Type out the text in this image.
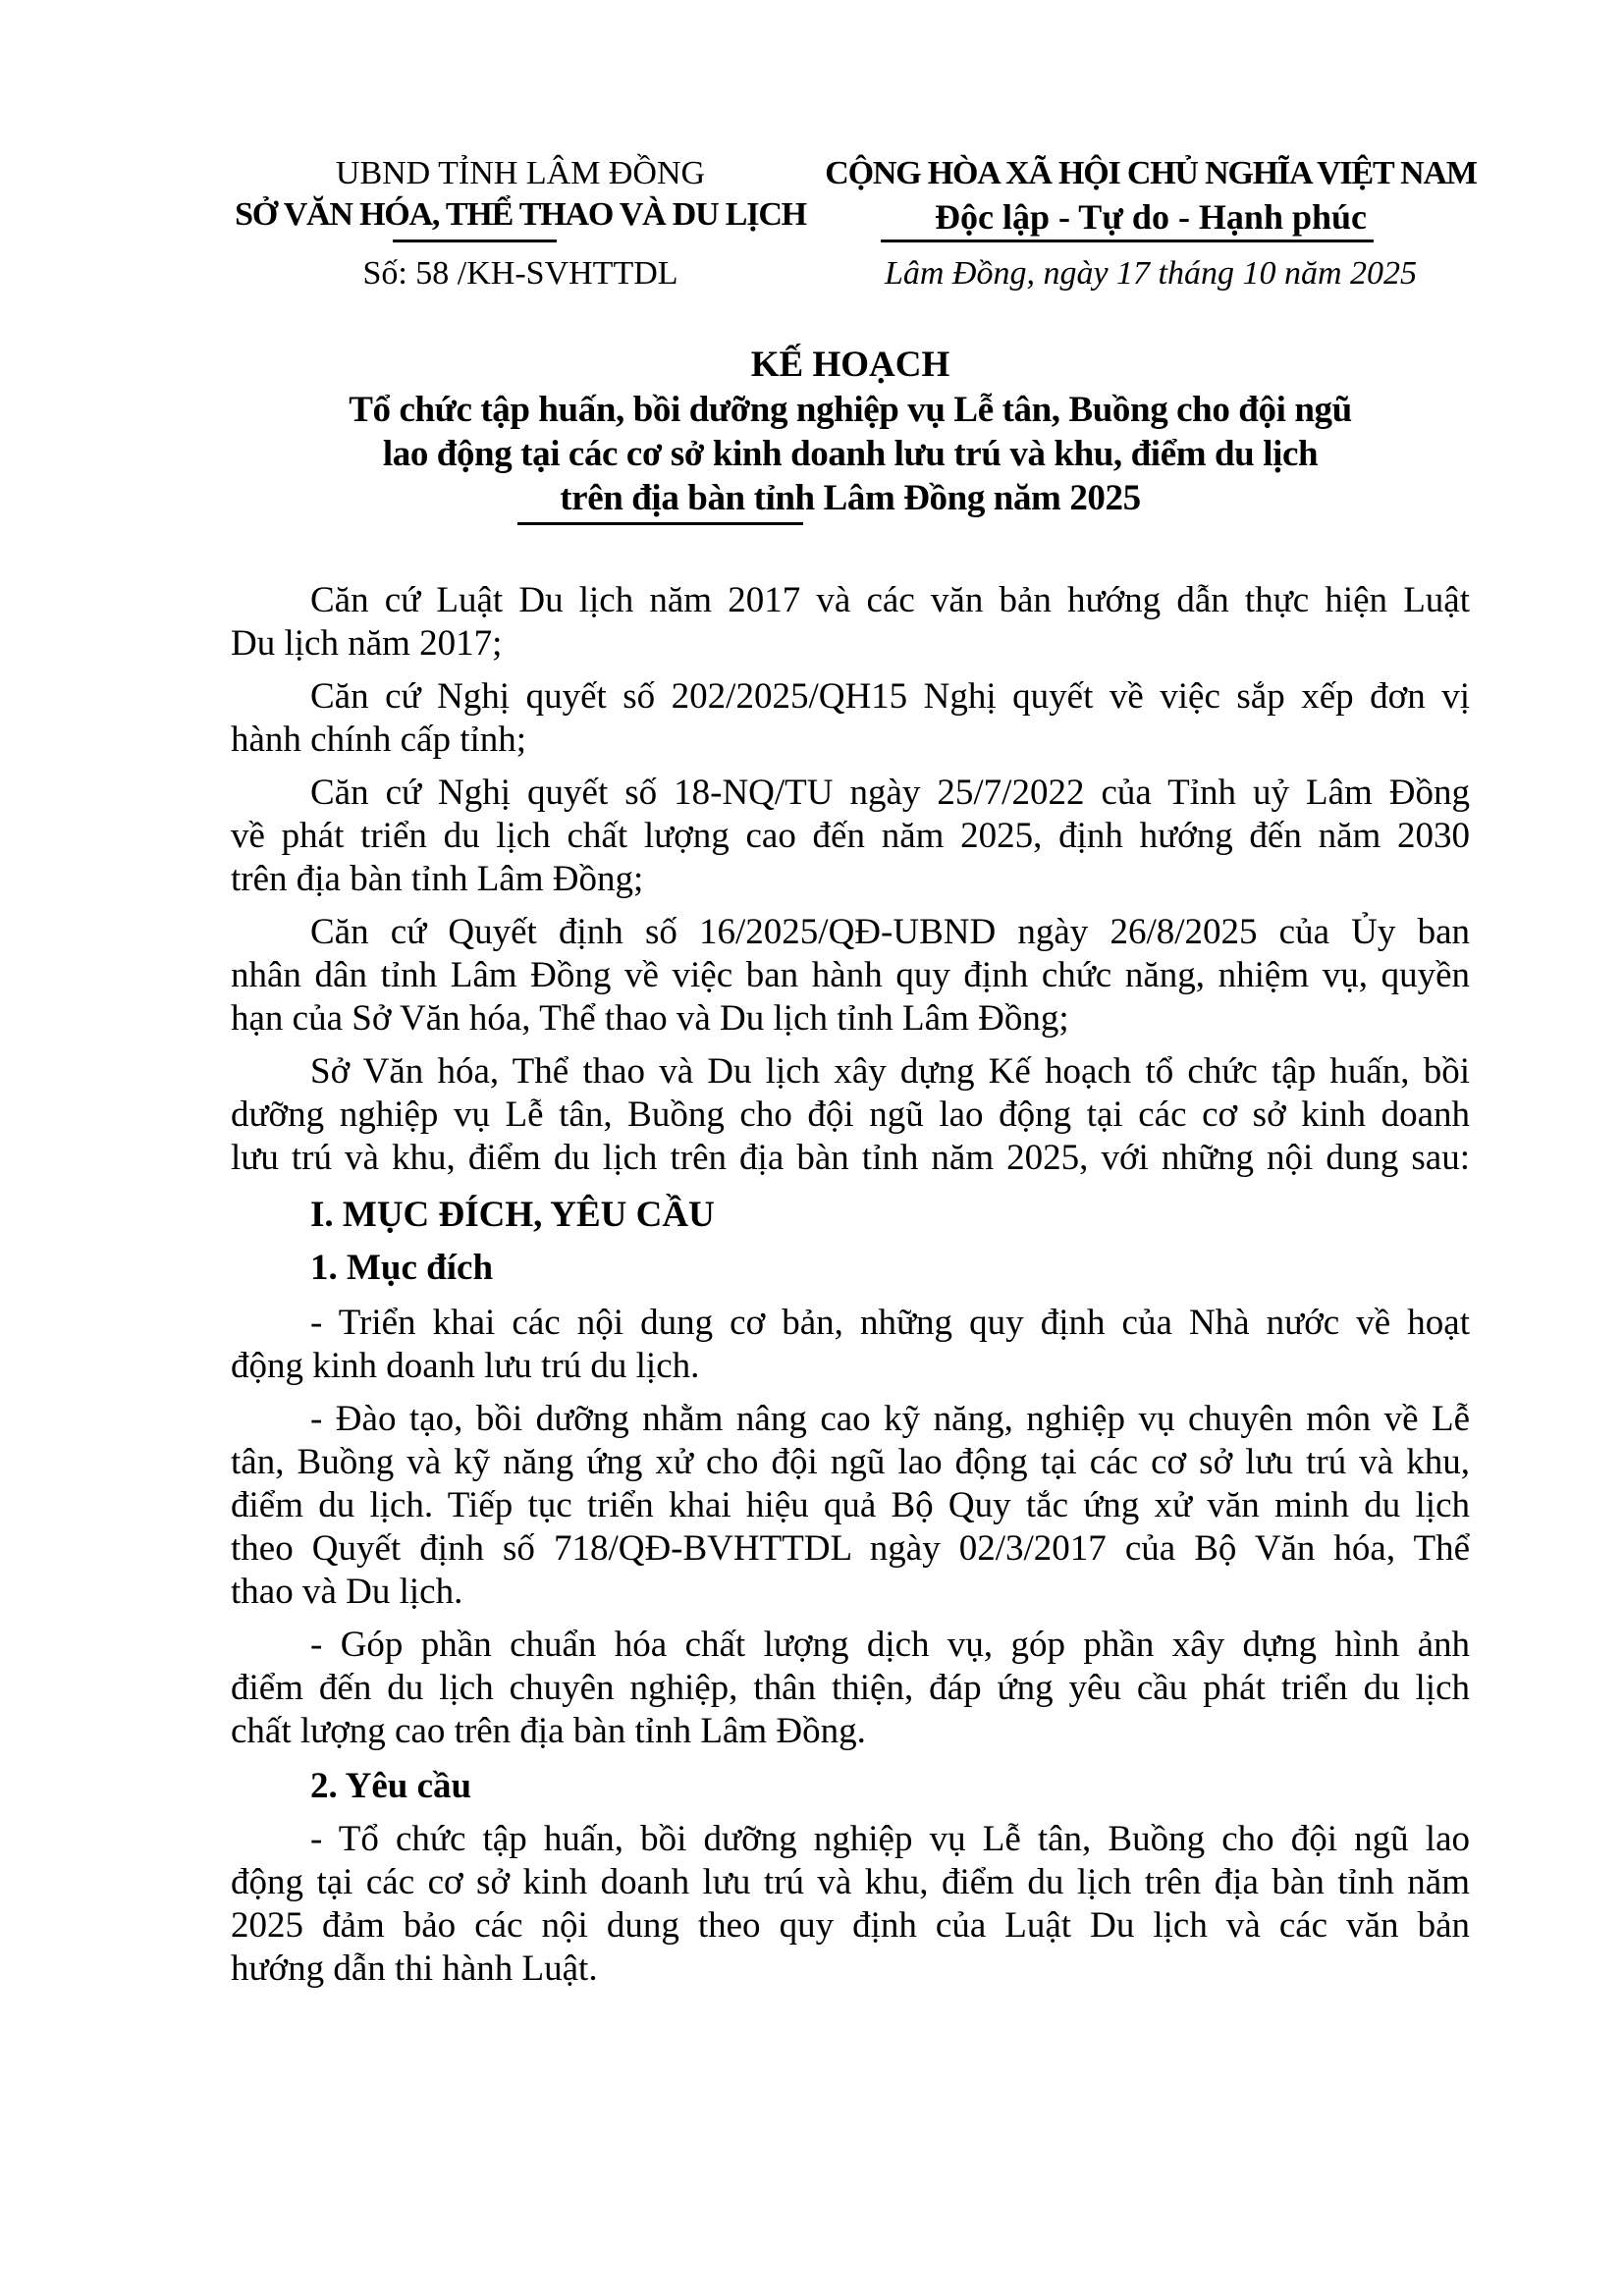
UBND TỈNH LÂM ĐỒNG
SỞ VĂN HÓA, THỂ THAO VÀ DU LỊCH
Số: 58 /KH-SVHTTDL
CỘNG HÒA XÃ HỘI CHỦ NGHĨA VIỆT NAM
Độc lập - Tự do - Hạnh phúc
Lâm Đồng, ngày 17 tháng 10 năm 2025
KẾ HOẠCH
Tổ chức tập huấn, bồi dưỡng nghiệp vụ Lễ tân, Buồng cho đội ngũ
lao động tại các cơ sở kinh doanh lưu trú và khu, điểm du lịch
trên địa bàn tỉnh Lâm Đồng năm 2025
Căn cứ Luật Du lịch năm 2017 và các văn bản hướng dẫn thực hiện Luật
Du lịch năm 2017;
Căn cứ Nghị quyết số 202/2025/QH15 Nghị quyết về việc sắp xếp đơn vị
hành chính cấp tỉnh;
Căn cứ Nghị quyết số 18-NQ/TU ngày 25/7/2022 của Tỉnh uỷ Lâm Đồng
về phát triển du lịch chất lượng cao đến năm 2025, định hướng đến năm 2030
trên địa bàn tỉnh Lâm Đồng;
Căn cứ Quyết định số 16/2025/QĐ-UBND ngày 26/8/2025 của Ủy ban
nhân dân tỉnh Lâm Đồng về việc ban hành quy định chức năng, nhiệm vụ, quyền
hạn của Sở Văn hóa, Thể thao và Du lịch tỉnh Lâm Đồng;
Sở Văn hóa, Thể thao và Du lịch xây dựng Kế hoạch tổ chức tập huấn, bồi
dưỡng nghiệp vụ Lễ tân, Buồng cho đội ngũ lao động tại các cơ sở kinh doanh
lưu trú và khu, điểm du lịch trên địa bàn tỉnh năm 2025, với những nội dung sau:
I. MỤC ĐÍCH, YÊU CẦU
1. Mục đích
- Triển khai các nội dung cơ bản, những quy định của Nhà nước về hoạt
động kinh doanh lưu trú du lịch.
- Đào tạo, bồi dưỡng nhằm nâng cao kỹ năng, nghiệp vụ chuyên môn về Lễ
tân, Buồng và kỹ năng ứng xử cho đội ngũ lao động tại các cơ sở lưu trú và khu,
điểm du lịch. Tiếp tục triển khai hiệu quả Bộ Quy tắc ứng xử văn minh du lịch
theo Quyết định số 718/QĐ-BVHTTDL ngày 02/3/2017 của Bộ Văn hóa, Thể
thao và Du lịch.
- Góp phần chuẩn hóa chất lượng dịch vụ, góp phần xây dựng hình ảnh
điểm đến du lịch chuyên nghiệp, thân thiện, đáp ứng yêu cầu phát triển du lịch
chất lượng cao trên địa bàn tỉnh Lâm Đồng.
2. Yêu cầu
- Tổ chức tập huấn, bồi dưỡng nghiệp vụ Lễ tân, Buồng cho đội ngũ lao
động tại các cơ sở kinh doanh lưu trú và khu, điểm du lịch trên địa bàn tỉnh năm
2025 đảm bảo các nội dung theo quy định của Luật Du lịch và các văn bản
hướng dẫn thi hành Luật.
